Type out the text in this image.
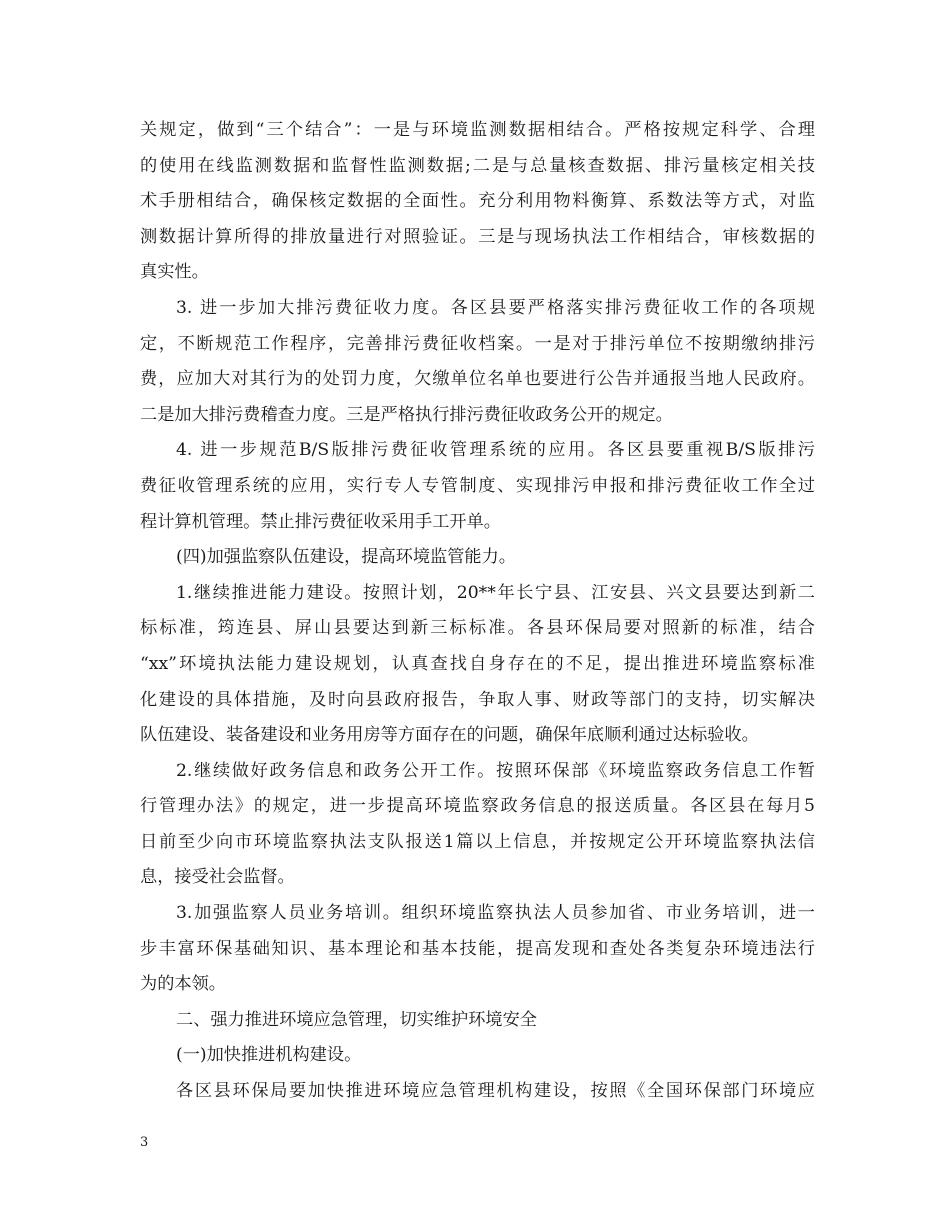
关规定，做到“三个结合”：一是与环境监测数据相结合。严格按规定科学、合理
的使用在线监测数据和监督性监测数据;二是与总量核查数据、排污量核定相关技
术手册相结合，确保核定数据的全面性。充分利用物料衡算、系数法等方式，对监
测数据计算所得的排放量进行对照验证。三是与现场执法工作相结合，审核数据的
真实性。
3. 进一步加大排污费征收力度。各区县要严格落实排污费征收工作的各项规
定，不断规范工作程序，完善排污费征收档案。一是对于排污单位不按期缴纳排污
费，应加大对其行为的处罚力度，欠缴单位名单也要进行公告并通报当地人民政府。
二是加大排污费稽查力度。三是严格执行排污费征收政务公开的规定。
4. 进一步规范B/S版排污费征收管理系统的应用。各区县要重视B/S版排污
费征收管理系统的应用，实行专人专管制度、实现排污申报和排污费征收工作全过
程计算机管理。禁止排污费征收采用手工开单。
(四)加强监察队伍建设，提高环境监管能力。
1.继续推进能力建设。按照计划，20**年长宁县、江安县、兴文县要达到新二
标标准，筠连县、屏山县要达到新三标标准。各县环保局要对照新的标准，结合
“xx”环境执法能力建设规划，认真查找自身存在的不足，提出推进环境监察标准
化建设的具体措施，及时向县政府报告，争取人事、财政等部门的支持，切实解决
队伍建设、装备建设和业务用房等方面存在的问题，确保年底顺利通过达标验收。
2.继续做好政务信息和政务公开工作。按照环保部《环境监察政务信息工作暂
行管理办法》的规定，进一步提高环境监察政务信息的报送质量。各区县在每月5
日前至少向市环境监察执法支队报送1篇以上信息，并按规定公开环境监察执法信
息，接受社会监督。
3.加强监察人员业务培训。组织环境监察执法人员参加省、市业务培训，进一
步丰富环保基础知识、基本理论和基本技能，提高发现和查处各类复杂环境违法行
为的本领。
二、强力推进环境应急管理，切实维护环境安全
(一)加快推进机构建设。
各区县环保局要加快推进环境应急管理机构建设，按照《全国环保部门环境应
3
